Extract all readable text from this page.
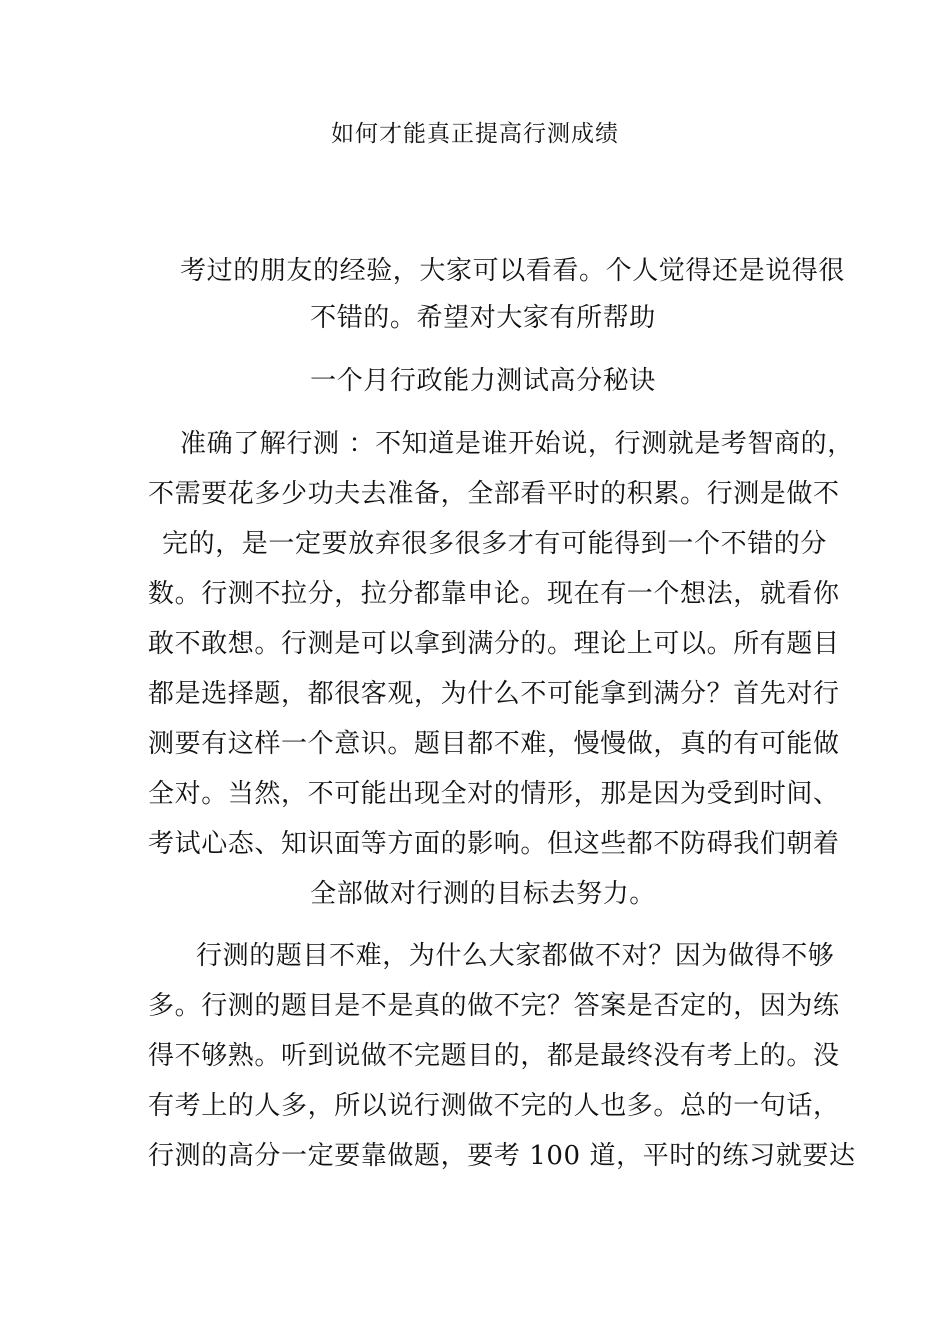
如何才能真正提高行测成绩
考过的朋友的经验，大家可以看看。个人觉得还是说得很
不错的。希望对大家有所帮助
一个月行政能力测试高分秘诀
准确了解行测 ：不知道是谁开始说，行测就是考智商的，
不需要花多少功夫去准备，全部看平时的积累。行测是做不
完的，是一定要放弃很多很多才有可能得到一个不错的分
数。行测不拉分，拉分都靠申论。现在有一个想法，就看你
敢不敢想。行测是可以拿到满分的。理论上可以。所有题目
都是选择题，都很客观，为什么不可能拿到满分？首先对行
测要有这样一个意识。题目都不难，慢慢做，真的有可能做
全对。当然，不可能出现全对的情形，那是因为受到时间、
考试心态、知识面等方面的影响。但这些都不防碍我们朝着
全部做对行测的目标去努力。
行测的题目不难，为什么大家都做不对？因为做得不够
多。行测的题目是不是真的做不完？答案是否定的，因为练
得不够熟。听到说做不完题目的，都是最终没有考上的。没
有考上的人多，所以说行测做不完的人也多。总的一句话，
行测的高分一定要靠做题，要考 100 道，平时的练习就要达
